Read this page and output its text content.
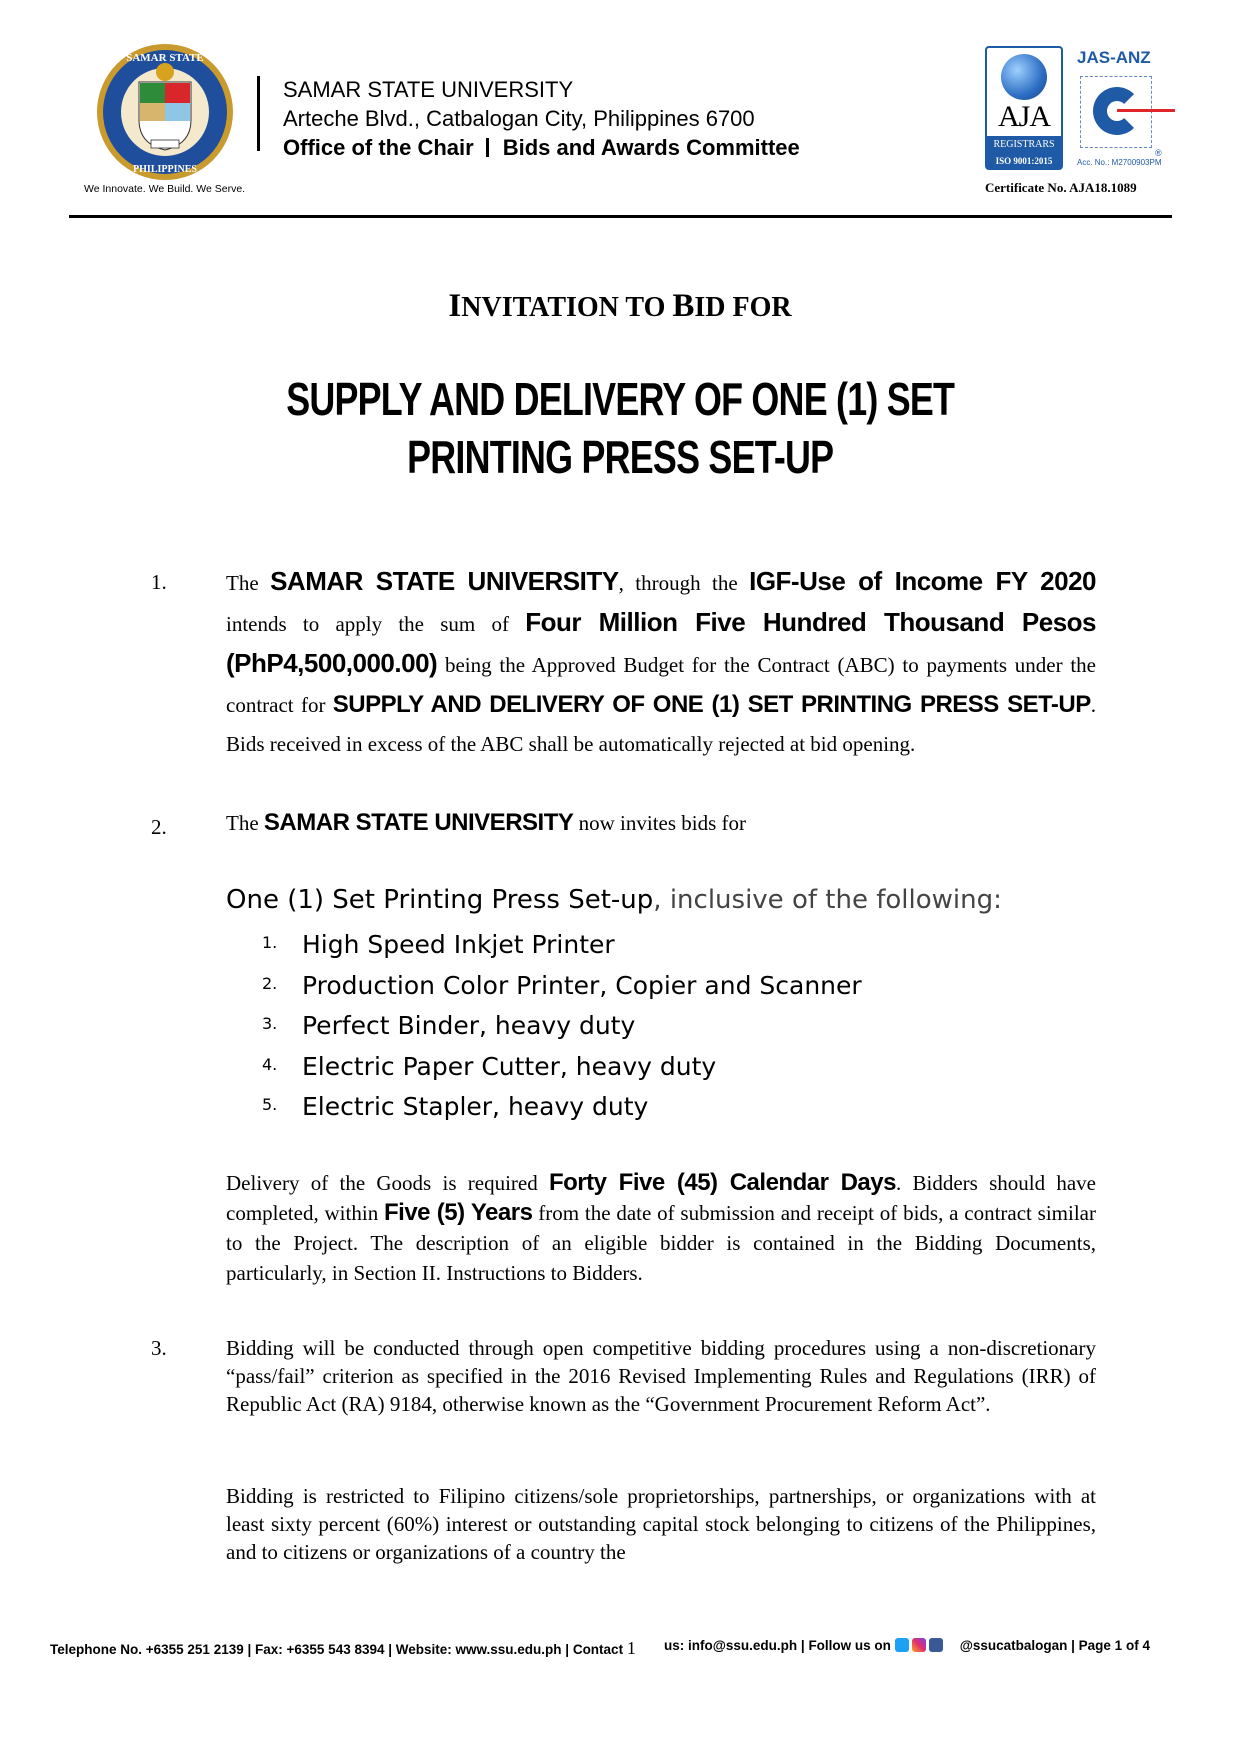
SAMAR STATE
PHILIPPINES
We Innovate. We Build. We Serve.
SAMAR STATE UNIVERSITY
Arteche Blvd., Catbalogan City, Philippines 6700
Office of the Chair Bids and Awards Committee
AJA
REGISTRARS
ISO 9001:2015
JAS-ANZ
®
Acc. No.: M2700903PM
Certificate No. AJA18.1089
INVITATION TO BID FOR
SUPPLY AND DELIVERY OF ONE (1) SET
PRINTING PRESS SET-UP
1.	The SAMAR STATE UNIVERSITY, through the IGF-Use of Income FY 2020 intends to apply the sum of Four Million Five Hundred Thousand Pesos (PhP4,500,000.00) being the Approved Budget for the Contract (ABC) to payments under the contract for SUPPLY AND DELIVERY OF ONE (1) SET PRINTING PRESS SET-UP. Bids received in excess of the ABC shall be automatically rejected at bid opening.
2.	The SAMAR STATE UNIVERSITY now invites bids for
One (1) Set Printing Press Set-up, inclusive of the following:
1. High Speed Inkjet Printer
2. Production Color Printer, Copier and Scanner
3. Perfect Binder, heavy duty
4. Electric Paper Cutter, heavy duty
5. Electric Stapler, heavy duty
Delivery of the Goods is required Forty Five (45) Calendar Days. Bidders should have completed, within Five (5) Years from the date of submission and receipt of bids, a contract similar to the Project. The description of an eligible bidder is contained in the Bidding Documents, particularly, in Section II. Instructions to Bidders.
3.	Bidding will be conducted through open competitive bidding procedures using a non-discretionary “pass/fail” criterion as specified in the 2016 Revised Implementing Rules and Regulations (IRR) of Republic Act (RA) 9184, otherwise known as the “Government Procurement Reform Act”.
Bidding is restricted to Filipino citizens/sole proprietorships, partnerships, or organizations with at least sixty percent (60%) interest or outstanding capital stock belonging to citizens of the Philippines, and to citizens or organizations of a country the
Telephone No. +6355 251 2139 | Fax: +6355 543 8394 | Website: www.ssu.edu.ph | Contact 1 us: info@ssu.edu.ph | Follow us on	@ssucatbalogan | Page 1 of 4
